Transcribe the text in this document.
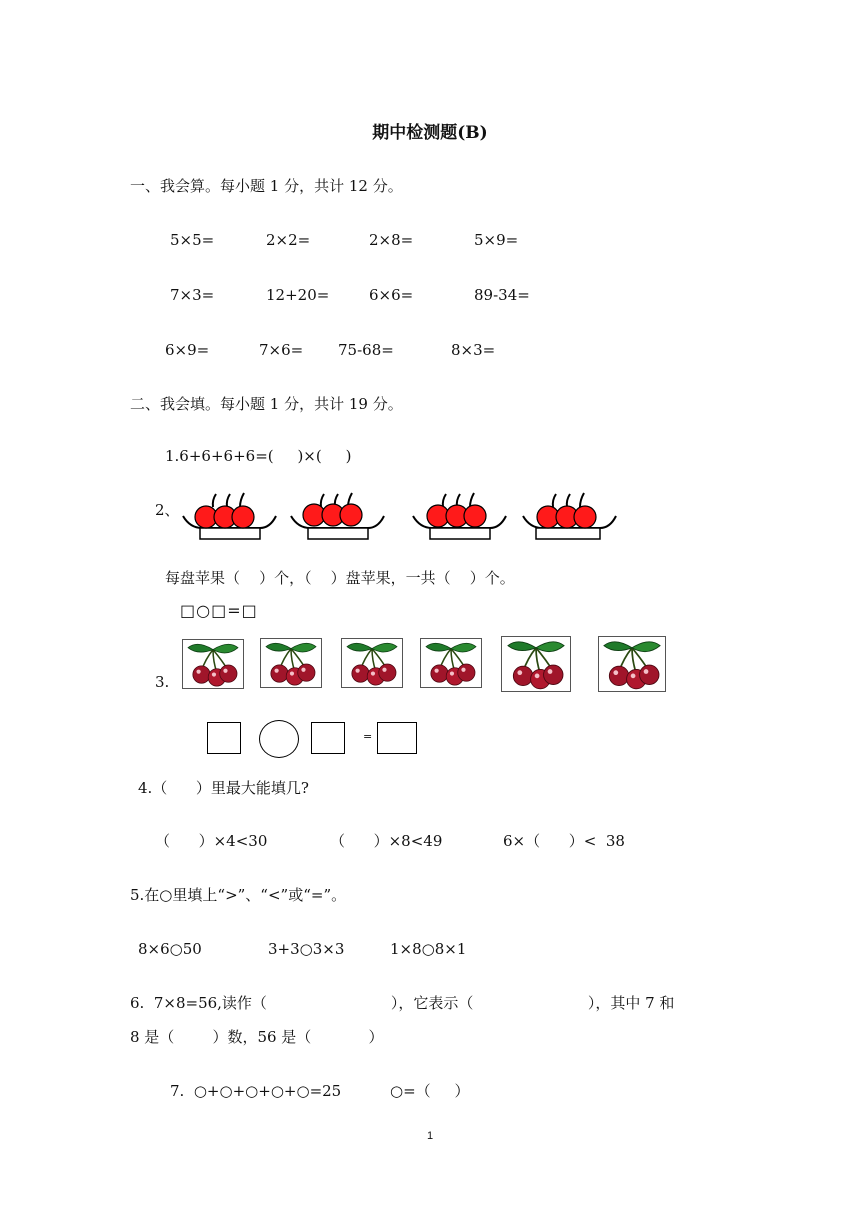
期中检测题(B)
一、我会算。每小题 1 分，共计 12 分。
5×5=	2×2=	2×8=	5×9=
7×3=	12+20=	6×6=	89-34=
6×9=	7×6= 75-68=	8×3=
二、我会填。每小题 1 分，共计 19 分。
1.6+6+6+6=(     )×(     )
2、
每盘苹果（    ）个，（    ）盘苹果，一共（    ）个。
□○□=□
3.
=
4.（      ）里最大能填几?
（      ）×4<30	（      ）×8<49	6×（      ）<  38
5.在○里填上“>”、“<”或“=”。
8×6○50	3+3○3×3	1×8○8×1
6.  7×8=56,读作（                          ），它表示（                        ），其中 7 和
8 是（        ）数，56 是（            ）
7.  ○+○+○+○+○=25	○=（     ）
1
